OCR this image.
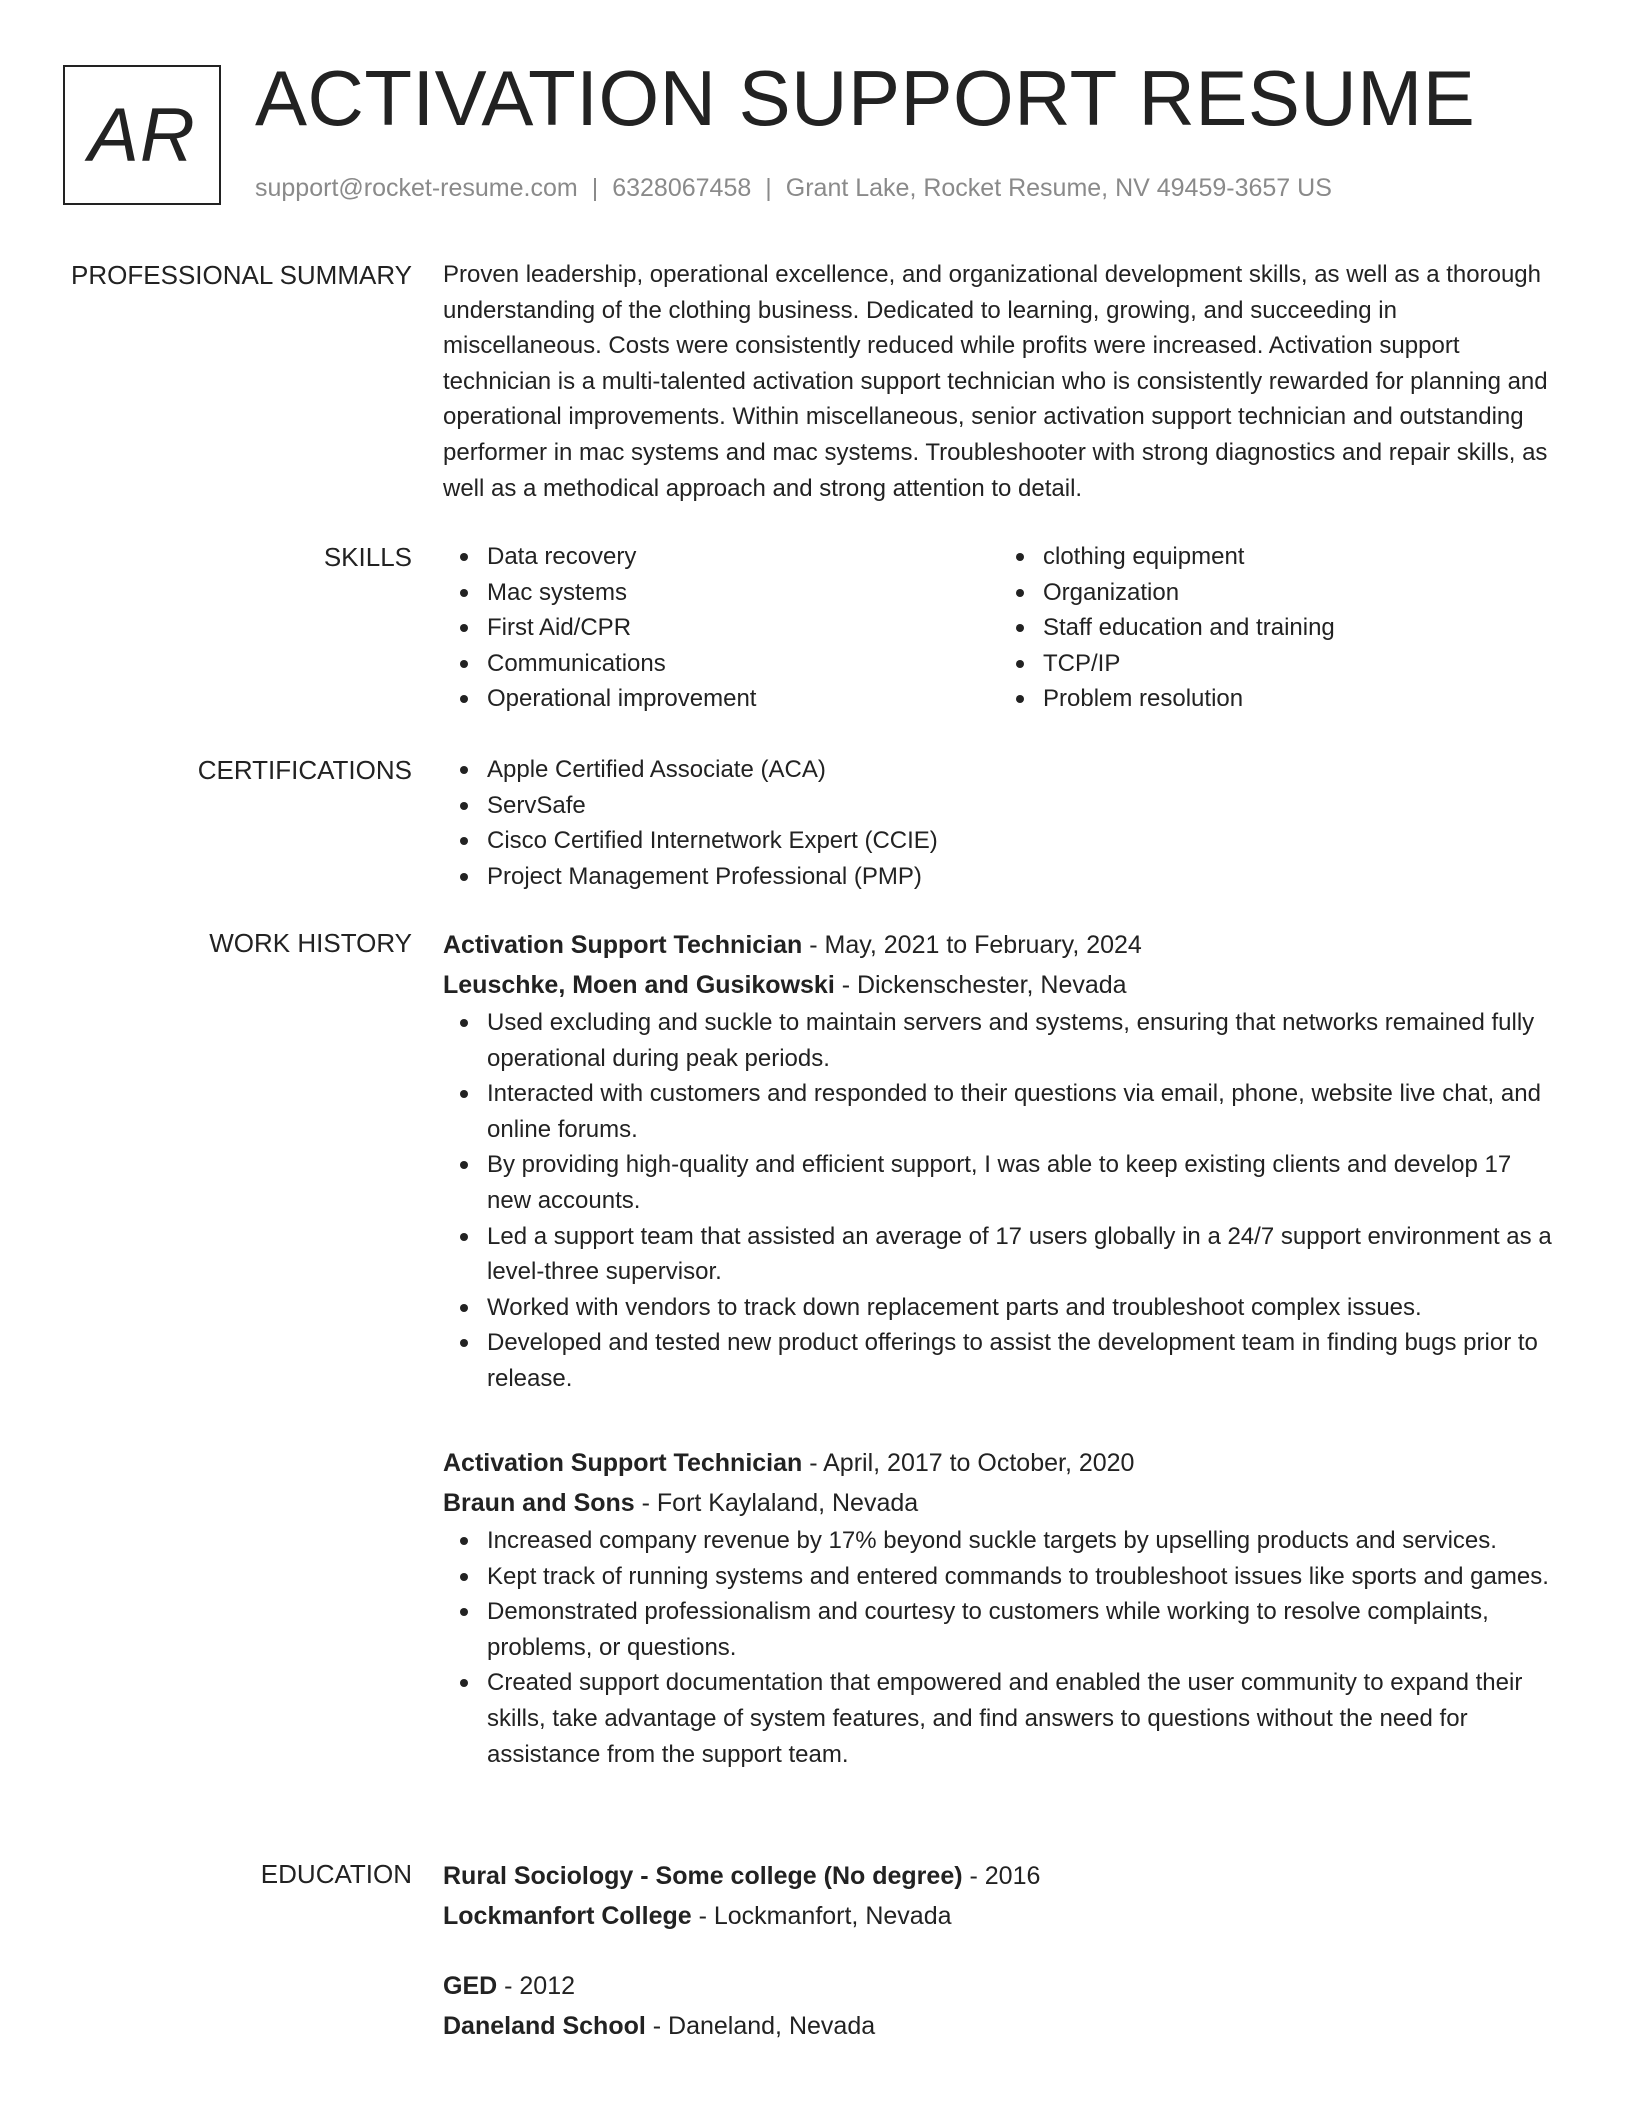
AR ACTIVATION SUPPORT RESUME
support@rocket-resume.com | 6328067458 | Grant Lake, Rocket Resume, NV 49459-3657 US
PROFESSIONAL SUMMARY Proven leadership, operational excellence, and organizational development skills, as well as a thorough understanding of the clothing business. Dedicated to learning, growing, and succeeding in miscellaneous. Costs were consistently reduced while profits were increased. Activation support technician is a multi-talented activation support technician who is consistently rewarded for planning and operational improvements. Within miscellaneous, senior activation support technician and outstanding performer in mac systems and mac systems. Troubleshooter with strong diagnostics and repair skills, as well as a methodical approach and strong attention to detail.

SKILLS	Data recovery
Mac systems
First Aid/CPR
Communications
Operational improvement
clothing equipment
Organization
Staff education and training
TCP/IP
Problem resolution
CERTIFICATIONS	Apple Certified Associate (ACA)
ServSafe
Cisco Certified Internetwork Expert (CCIE)
Project Management Professional (PMP)
WORK HISTORY Activation Support Technician - May, 2021 to February, 2024
Leuschke, Moen and Gusikowski - Dickenschester, Nevada
Used excluding and suckle to maintain servers and systems, ensuring that networks remained fully operational during peak periods.
Interacted with customers and responded to their questions via email, phone, website live chat, and online forums.
By providing high-quality and efficient support, I was able to keep existing clients and develop 17 new accounts.
Led a support team that assisted an average of 17 users globally in a 24/7 support environment as a level-three supervisor.
Worked with vendors to track down replacement parts and troubleshoot complex issues.
Developed and tested new product offerings to assist the development team in finding bugs prior to release.
Activation Support Technician - April, 2017 to October, 2020
Braun and Sons - Fort Kaylaland, Nevada
Increased company revenue by 17% beyond suckle targets by upselling products and services.
Kept track of running systems and entered commands to troubleshoot issues like sports and games.
Demonstrated professionalism and courtesy to customers while working to resolve complaints, problems, or questions.
Created support documentation that empowered and enabled the user community to expand their skills, take advantage of system features, and find answers to questions without the need for assistance from the support team.
EDUCATION Rural Sociology - Some college (No degree) - 2016
Lockmanfort College - Lockmanfort, Nevada
GED - 2012
Daneland School - Daneland, Nevada
